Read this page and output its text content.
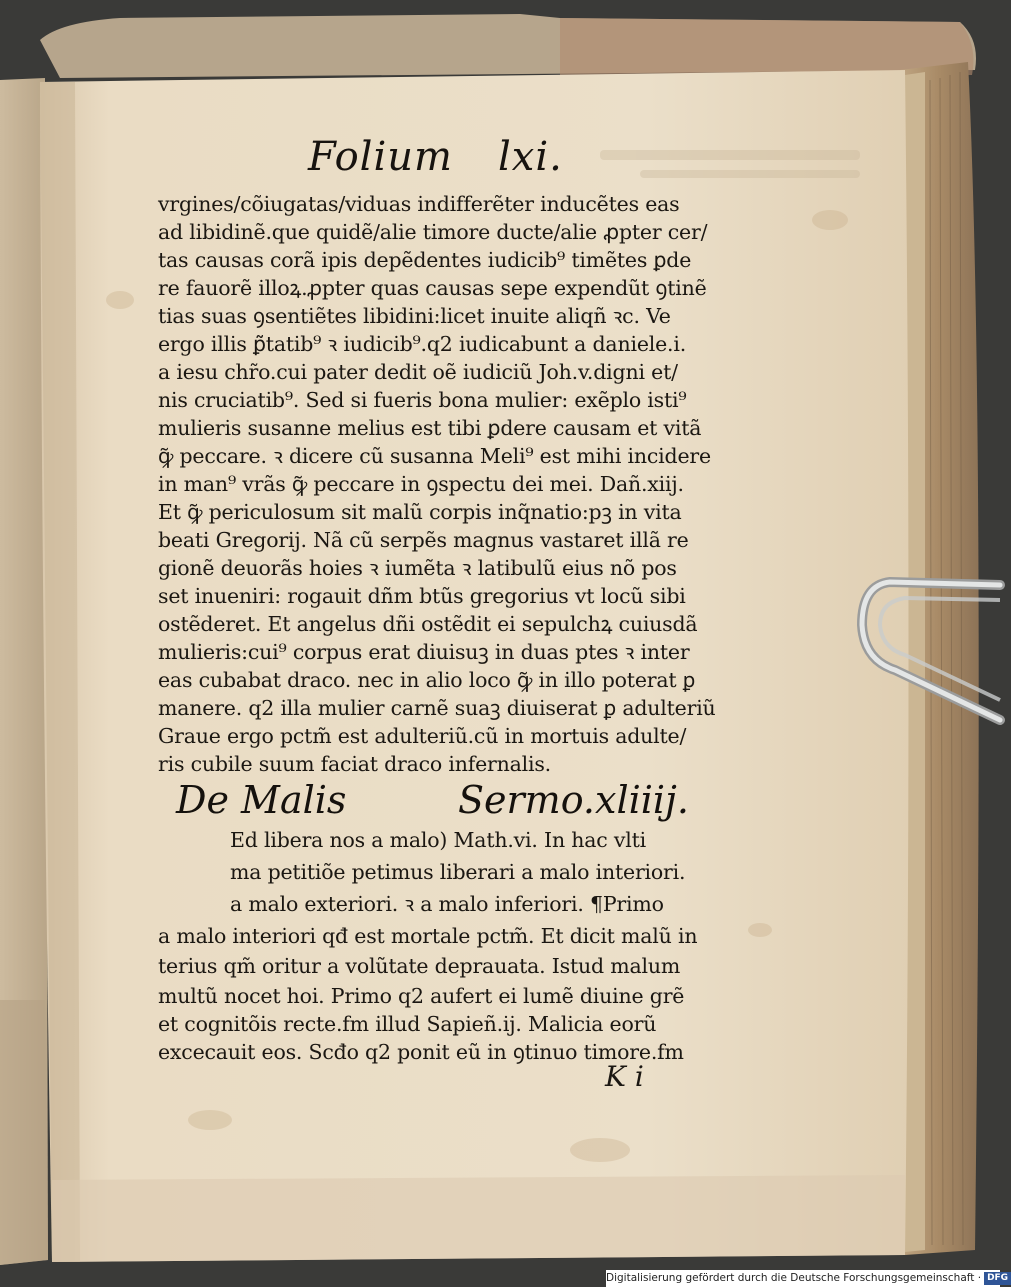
Folium lxi.
vrgines/cõiugatas/viduas indifferẽter inducẽtes eas
ad libidinẽ.que quidẽ/alie timore ducte/alie ꝓpter cer/
tas causas corã ipis depẽdentes iudicib⁹ timẽtes ꝑde
re fauorẽ illoꝝ.ꝓpter quas causas sepe expendũt ꝯtinẽ
tias suas ꝯsentiẽtes libidini:licet inuite aliqñ ꝛc. Ve
ergo illis ꝑ̃tatib⁹ ꝛ iudicib⁹.q2 iudicabunt a daniele.i.
a iesu chr̃o.cui pater dedit oẽ iudiciũ Joh.v.digni et/
nis cruciatib⁹. Sed si fueris bona mulier: exẽplo isti⁹
mulieris susanne melius est tibi ꝑdere causam et vitã
ꝙ̃ peccare. ꝛ dicere cũ susanna Meli⁹ est mihi incidere
in man⁹ vrãs ꝙ̃ peccare in ꝯspectu dei mei. Dañ.xiij.
Et ꝙ̃ periculosum sit malũ corpis inq̃natio:pꝫ in vita
beati Gregorij. Nã cũ serpẽs magnus vastaret illã re
gionẽ deuorãs hoies ꝛ iumẽta ꝛ latibulũ eius nõ pos
set inueniri: rogauit dñm btũs gregorius vt locũ sibi
ostẽderet. Et angelus dñi ostẽdit ei sepulchꝝ cuiusdã
mulieris:cui⁹ corpus erat diuisuꝫ in duas ptes ꝛ inter
eas cubabat draco. nec in alio loco ꝙ̃ in illo poterat ꝑ
manere. q2 illa mulier carnẽ suaꝫ diuiserat ꝑ adulteriũ
Graue ergo pctm̃ est adulteriũ.cũ in mortuis adulte/
ris cubile suum faciat draco infernalis.
De Malis	Sermo.xliiij.
Ed libera nos a malo) Math.vi. In hac vlti
ma petitiõe petimus liberari a malo interiori.
a malo exteriori. ꝛ a malo inferiori. ¶Primo
a malo interiori qđ est mortale pctm̃. Et dicit malũ in
terius qm̃ oritur a volũtate deprauata. Istud malum
multũ nocet hoi. Primo q2 aufert ei lumẽ diuine grẽ
et cognitõis recte.fm illud Sapieñ.ij. Malicia eorũ
excecauit eos. Scđo q2 ponit eũ in ꝯtinuo timore.fm
K i
Digitalisierung gefördert durch die Deutsche Forschungsgemeinschaft · DFG
